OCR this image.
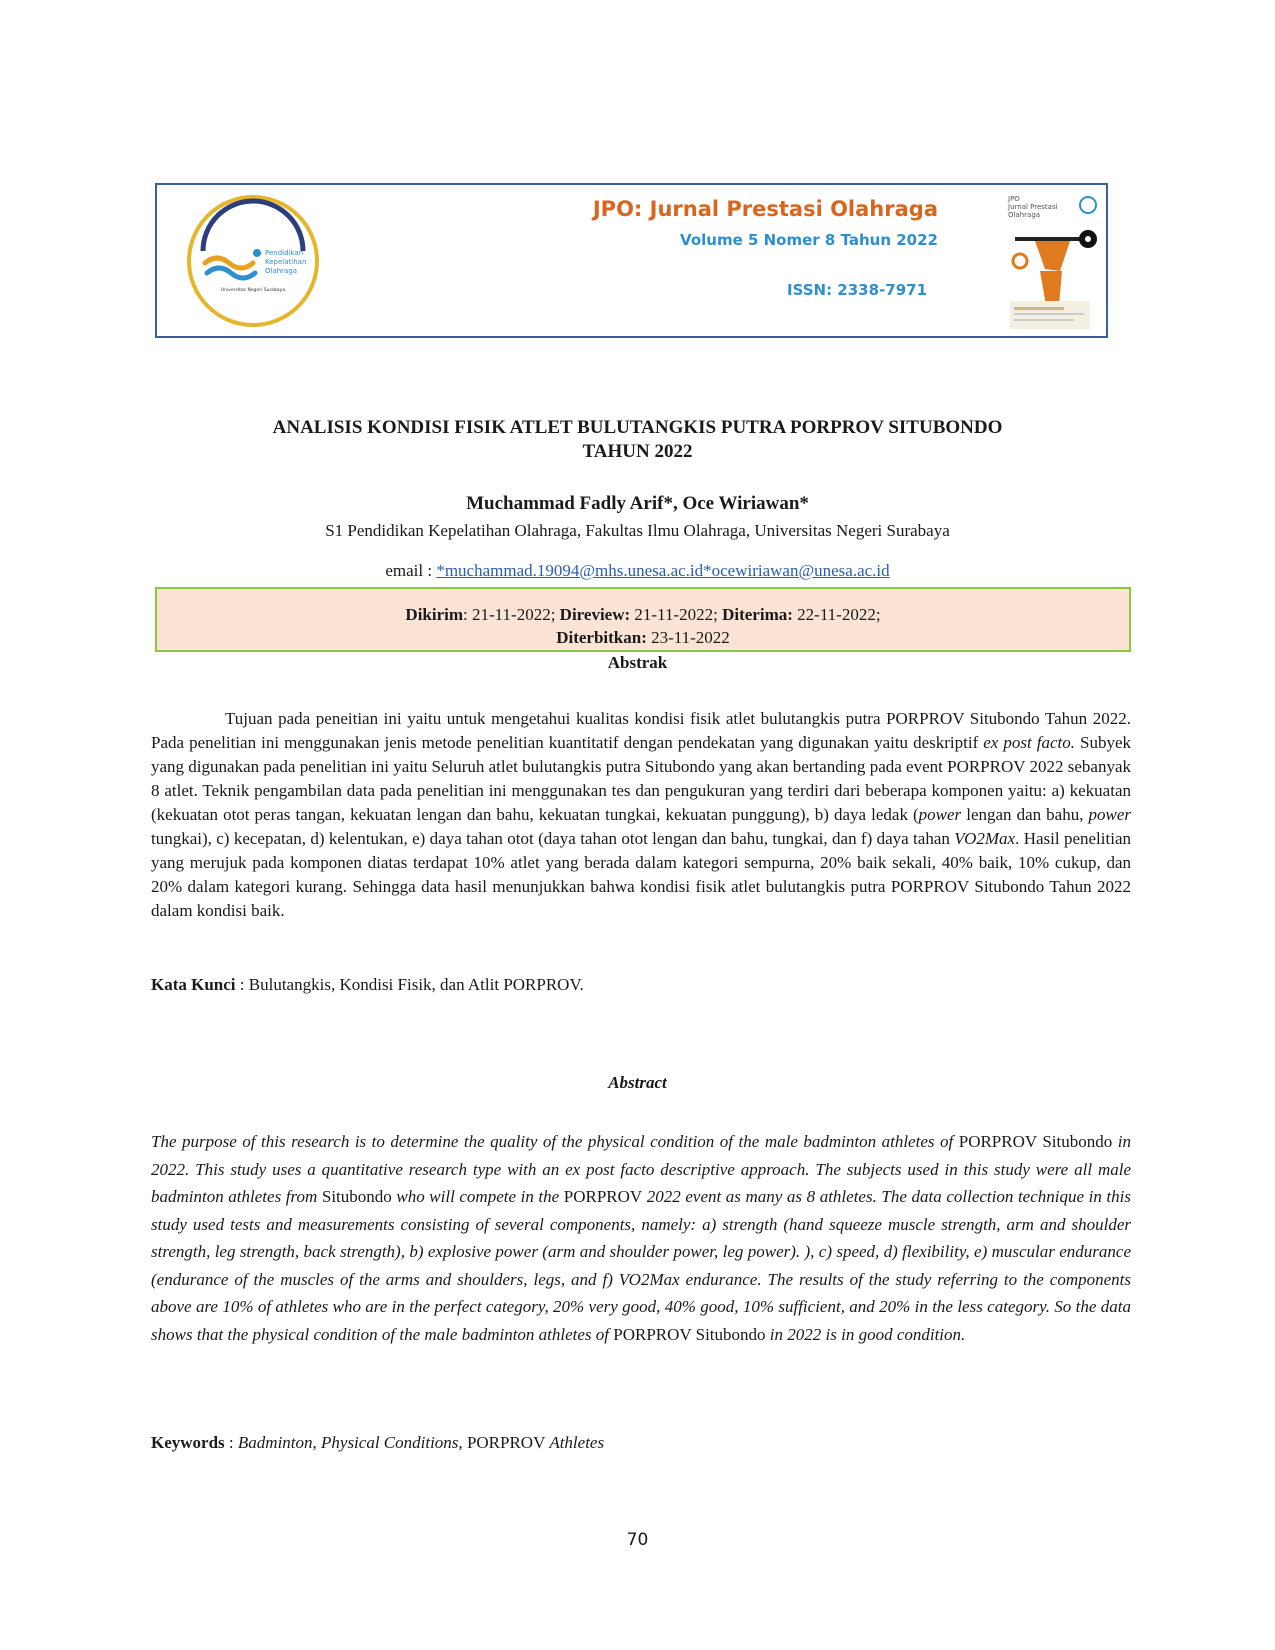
Pendidikan
Kepelatihan
Olahraga
Universitas Negeri Surabaya
JPO: Jurnal Prestasi Olahraga
Volume 5 Nomer 8 Tahun 2022
ISSN: 2338-7971
JPO
Jurnal Prestasi
Olahraga
ANALISIS KONDISI FISIK ATLET BULUTANGKIS PUTRA PORPROV SITUBONDO
TAHUN 2022
Muchammad Fadly Arif*, Oce Wiriawan*
S1 Pendidikan Kepelatihan Olahraga, Fakultas Ilmu Olahraga, Universitas Negeri Surabaya
email : *muchammad.19094@mhs.unesa.ac.id*ocewiriawan@unesa.ac.id
Dikirim: 21-11-2022; Direview: 21-11-2022; Diterima: 22-11-2022;
Diterbitkan: 23-11-2022
Abstrak
Tujuan pada peneitian ini yaitu untuk mengetahui kualitas kondisi fisik atlet bulutangkis putra PORPROV Situbondo Tahun 2022. Pada penelitian ini menggunakan jenis metode penelitian kuantitatif dengan pendekatan yang digunakan yaitu deskriptif ex post facto. Subyek yang digunakan pada penelitian ini yaitu Seluruh atlet bulutangkis putra Situbondo yang akan bertanding pada event PORPROV 2022 sebanyak 8 atlet. Teknik pengambilan data pada penelitian ini menggunakan tes dan pengukuran yang terdiri dari beberapa komponen yaitu: a) kekuatan (kekuatan otot peras tangan, kekuatan lengan dan bahu, kekuatan tungkai, kekuatan punggung), b) daya ledak (power lengan dan bahu, power tungkai), c) kecepatan, d) kelentukan, e) daya tahan otot (daya tahan otot lengan dan bahu, tungkai, dan f) daya tahan VO2Max. Hasil penelitian yang merujuk pada komponen diatas terdapat 10% atlet yang berada dalam kategori sempurna, 20% baik sekali, 40% baik, 10% cukup, dan 20% dalam kategori kurang. Sehingga data hasil menunjukkan bahwa kondisi fisik atlet bulutangkis putra PORPROV Situbondo Tahun 2022 dalam kondisi baik.
Kata Kunci : Bulutangkis, Kondisi Fisik, dan Atlit PORPROV.
Abstract
The purpose of this research is to determine the quality of the physical condition of the male badminton athletes of PORPROV Situbondo in 2022. This study uses a quantitative research type with an ex post facto descriptive approach. The subjects used in this study were all male badminton athletes from Situbondo who will compete in the PORPROV 2022 event as many as 8 athletes. The data collection technique in this study used tests and measurements consisting of several components, namely: a) strength (hand squeeze muscle strength, arm and shoulder strength, leg strength, back strength), b) explosive power (arm and shoulder power, leg power). ), c) speed, d) flexibility, e) muscular endurance (endurance of the muscles of the arms and shoulders, legs, and f) VO2Max endurance. The results of the study referring to the components above are 10% of athletes who are in the perfect category, 20% very good, 40% good, 10% sufficient, and 20% in the less category. So the data shows that the physical condition of the male badminton athletes of PORPROV Situbondo in 2022 is in good condition.
Keywords : Badminton, Physical Conditions, PORPROV Athletes
70
